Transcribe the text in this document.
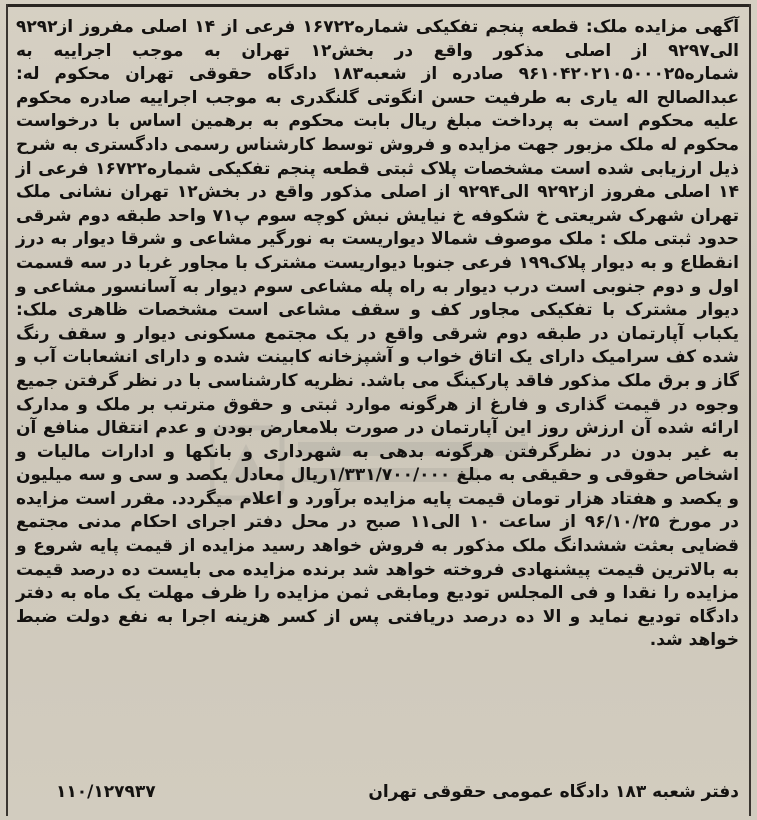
آگهی مزایده ملک: قطعه پنجم تفکیکی شماره۱۶۷۲۲ فرعی از ۱۴ اصلی مفروز از۹۲۹۲ الی۹۲۹۷ از اصلی مذکور واقع در بخش۱۲ تهران به موجب اجراییه به شماره۹۶۱۰۴۲۰۲۱۰۵۰۰۰۲۵ صادره از شعبه۱۸۳ دادگاه حقوقی تهران محکوم له: عبدالصالح اله یاری به طرفیت حسن انگوتی گلنگدری به موجب اجراییه صادره محکوم علیه محکوم است به پرداخت مبلغ ریال بابت محکوم به برهمین اساس با درخواست محکوم له ملک مزبور جهت مزایده و فروش توسط کارشناس رسمی دادگستری به شرح ذیل ارزیابی شده است مشخصات پلاک ثبتی قطعه پنجم تفکیکی شماره۱۶۷۲۲ فرعی از ۱۴ اصلی مفروز از۹۲۹۲ الی۹۲۹۴ از اصلی مذکور واقع در بخش۱۲ تهران نشانی ملک تهران شهرک شریعتی خ شکوفه خ نیایش نبش کوچه سوم پ۷۱ واحد طبقه دوم شرقی حدود ثبتی ملک : ملک موصوف شمالا دیواریست به نورگیر مشاعی و شرقا دیوار به درز انقطاع و به دیوار پلاک۱۹۹ فرعی جنوبا دیواریست مشترک با مجاور غربا در سه قسمت اول و دوم جنوبی است درب دیوار به راه پله مشاعی سوم دیوار به آسانسور مشاعی و دیوار مشترک با تفکیکی مجاور کف و سقف مشاعی است مشخصات ظاهری ملک: یکباب آپارتمان در طبقه دوم شرقی واقع در یک مجتمع مسکونی دیوار و سقف رنگ شده کف سرامیک دارای یک اتاق خواب و آشپزخانه کابینت شده و دارای انشعابات آب و گاز و برق ملک مذکور فاقد پارکینگ می باشد. نظریه کارشناسی با در نظر گرفتن جمیع وجوه در قیمت گذاری و فارغ از هرگونه موارد ثبتی و حقوق مترتب بر ملک و مدارک ارائه شده آن ارزش روز این آپارتمان در صورت بلامعارض بودن و عدم انتقال منافع آن به غیر بدون در نظرگرفتن هرگونه بدهی به شهرداری و بانکها و ادارات مالیات و اشخاص حقوقی و حقیقی به مبلغ ۱/۳۳۱/۷۰۰/۰۰۰ریال معادل یکصد و سی و سه میلیون و یکصد و هفتاد هزار تومان قیمت پایه مزایده برآورد و اعلام میگردد. مقرر است مزایده در مورخ ۹۶/۱۰/۲۵ از ساعت ۱۰ الی۱۱ صبح در محل دفتر اجرای احکام مدنی مجتمع قضایی بعثت ششدانگ ملک مذکور به فروش خواهد رسید مزایده از قیمت پایه شروع و به بالاترین قیمت پیشنهادی فروخته خواهد شد برنده مزایده می بایست ده درصد قیمت مزایده را نقدا و فی المجلس تودیع ومابقی ثمن مزایده را ظرف مهلت یک ماه به دفتر دادگاه تودیع نماید و الا ده درصد دریافتی پس از کسر هزینه اجرا به نفع دولت ضبط خواهد شد.
دفتر شعبه ۱۸۳ دادگاه عمومی حقوقی تهران
۱۱۰/۱۲۷۹۳۷
